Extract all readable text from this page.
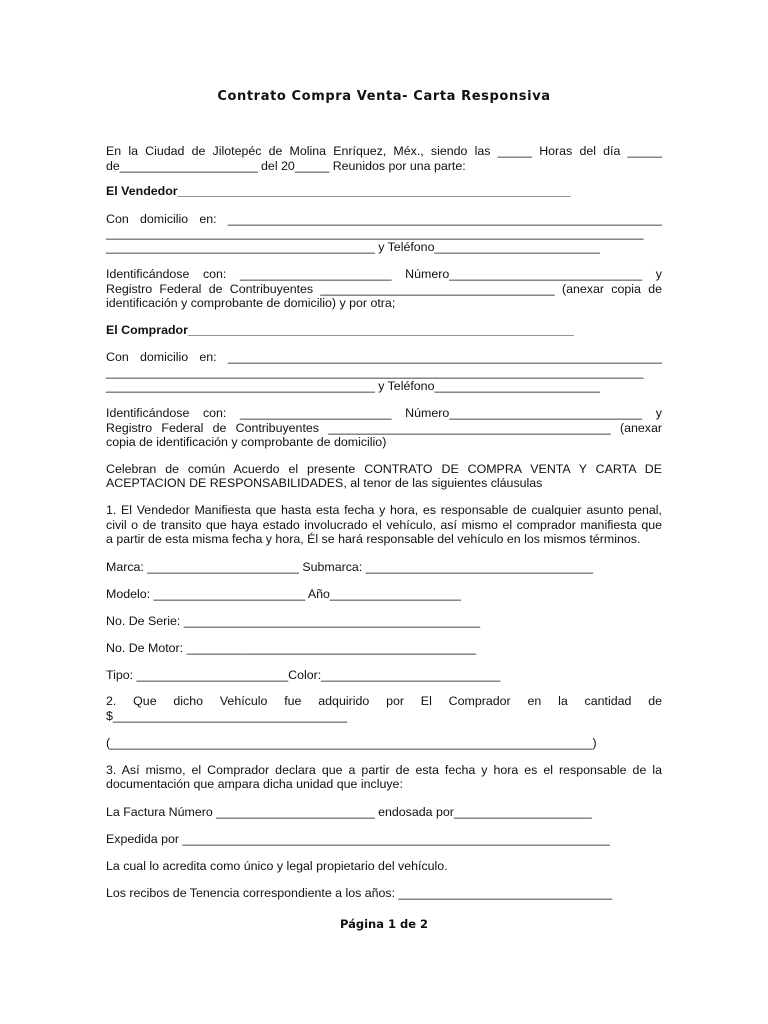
Contrato Compra Venta- Carta Responsiva

En la Ciudad de Jilotepéc de Molina Enríquez, Méx., siendo las _____ Horas del día _____

de____________________ del 20_____ Reunidos por una parte:

El Vendedor_________________________________________________________

Con domicilio en: _______________________________________________________________

______________________________________________________________________________

_______________________________________ y Teléfono________________________

Identificándose con: ______________________ Número____________________________ y

Registro Federal de Contribuyentes __________________________________ (anexar copia de

identificación y comprobante de domicilio) y por otra;

El Comprador________________________________________________________

Con domicilio en: _______________________________________________________________

______________________________________________________________________________

_______________________________________ y Teléfono________________________

Identificándose con: ______________________ Número____________________________ y

Registro Federal de Contribuyentes _________________________________________ (anexar

copia de identificación y comprobante de domicilio)

Celebran de común Acuerdo el presente CONTRATO DE COMPRA VENTA Y CARTA DE

ACEPTACION DE RESPONSABILIDADES, al tenor de las siguientes cláusulas

1. El Vendedor Manifiesta que hasta esta fecha y hora, es responsable de cualquier asunto penal,

civil o de transito que haya estado involucrado el vehículo, así mismo el comprador manifiesta que

a partir de esta misma fecha y hora, Él se hará responsable del vehículo en los mismos términos.

Marca: ______________________ Submarca: _________________________________

Modelo: ______________________ Año___________________

No. De Serie: ___________________________________________

No. De Motor: __________________________________________

Tipo: ______________________Color:__________________________

2. Que dicho Vehículo fue adquirido por El Comprador en la cantidad de

$__________________________________

(______________________________________________________________________)

3. Así mismo, el Comprador declara que a partir de esta fecha y hora es el responsable de la

documentación que ampara dicha unidad que incluye:

La Factura Número _______________________ endosada por____________________

Expedida por ______________________________________________________________

La cual lo acredita como único y legal propietario del vehículo.

Los recibos de Tenencia correspondiente a los años: _______________________________

Página 1 de 2
